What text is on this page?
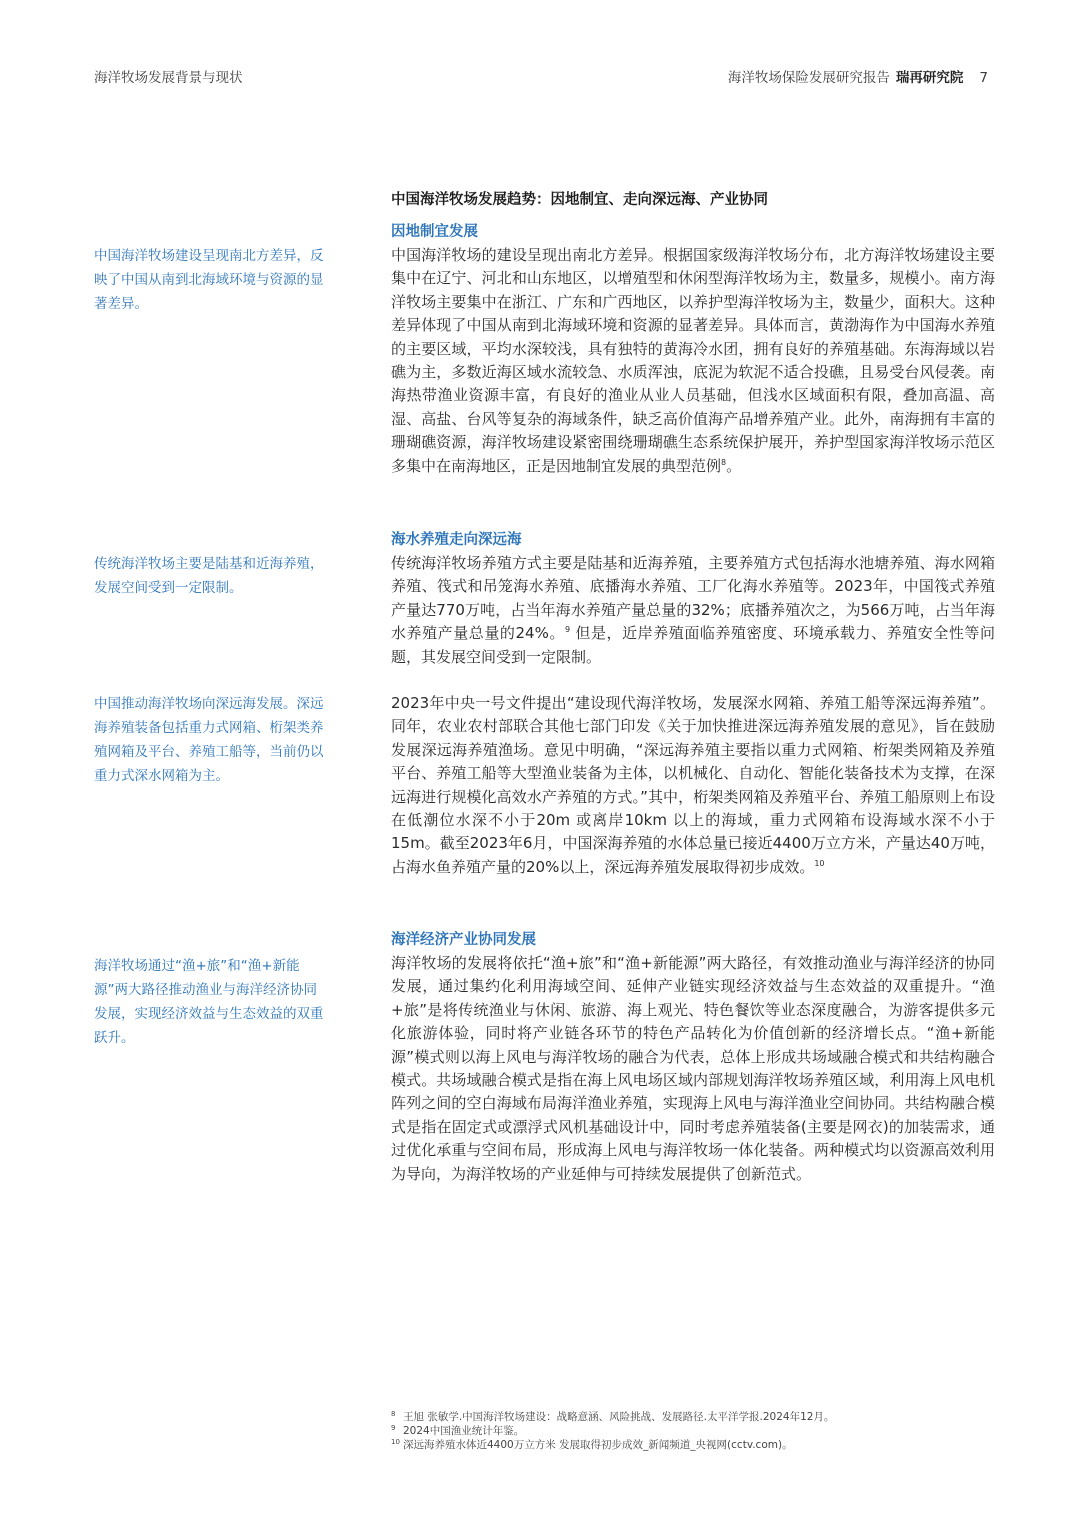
海洋牧场发展背景与现状	海洋牧场保险发展研究报告 瑞再研究院 7
中国海洋牧场发展趋势：因地制宜、走向深远海、产业协同

中国海洋牧场建设呈现南北方差异，反映了中国从南到北海域环境与资源的显著差异。

传统海洋牧场主要是陆基和近海养殖，发展空间受到一定限制。

中国推动海洋牧场向深远海发展。深远海养殖装备包括重力式网箱、桁架类养殖网箱及平台、养殖工船等，当前仍以重力式深水网箱为主。

海洋牧场通过“渔+旅”和“渔+新能源”两大路径推动渔业与海洋经济协同发展，实现经济效益与生态效益的双重跃升。

因地制宜发展

中国海洋牧场的建设呈现出南北方差异。根据国家级海洋牧场分布，北方海洋牧场建设主要集中在辽宁、河北和山东地区，以增殖型和休闲型海洋牧场为主，数量多，规模小。南方海洋牧场主要集中在浙江、广东和广西地区，以养护型海洋牧场为主，数量少，面积大。这种差异体现了中国从南到北海域环境和资源的显著差异。具体而言，黄渤海作为中国海水养殖的主要区域，平均水深较浅，具有独特的黄海冷水团，拥有良好的养殖基础。东海海域以岩礁为主，多数近海区域水流较急、水质浑浊，底泥为软泥不适合投礁，且易受台风侵袭。南海热带渔业资源丰富，有良好的渔业从业人员基础，但浅水区域面积有限，叠加高温、高湿、高盐、台风等复杂的海域条件，缺乏高价值海产品增养殖产业。此外，南海拥有丰富的珊瑚礁资源，海洋牧场建设紧密围绕珊瑚礁生态系统保护展开，养护型国家海洋牧场示范区多集中在南海地区，正是因地制宜发展的典型范例$^8$。

海水养殖走向深远海

传统海洋牧场养殖方式主要是陆基和近海养殖，主要养殖方式包括海水池塘养殖、海水网箱养殖、筏式和吊笼海水养殖、底播海水养殖、工厂化海水养殖等。2023年，中国筏式养殖产量达770万吨，占当年海水养殖产量总量的32%；底播养殖次之，为566万吨，占当年海水养殖产量总量的24%。$^9$ 但是，近岸养殖面临养殖密度、环境承载力、养殖安全性等问题，其发展空间受到一定限制。

2023年中央一号文件提出“建设现代海洋牧场，发展深水网箱、养殖工船等深远海养殖”。同年，农业农村部联合其他七部门印发《关于加快推进深远海养殖发展的意见》，旨在鼓励发展深远海养殖渔场。意见中明确，“深远海养殖主要指以重力式网箱、桁架类网箱及养殖平台、养殖工船等大型渔业装备为主体，以机械化、自动化、智能化装备技术为支撑，在深远海进行规模化高效水产养殖的方式。”其中，桁架类网箱及养殖平台、养殖工船原则上布设在低潮位水深不小于20m 或离岸10km 以上的海域，重力式网箱布设海域水深不小于15m。截至2023年6月，中国深海养殖的水体总量已接近4400万立方米，产量达40万吨，占海水鱼养殖产量的20%以上，深远海养殖发展取得初步成效。$^{10}$

海洋经济产业协同发展

海洋牧场的发展将依托“渔+旅”和“渔+新能源”两大路径，有效推动渔业与海洋经济的协同发展，通过集约化利用海域空间、延伸产业链实现经济效益与生态效益的双重提升。“渔+旅”是将传统渔业与休闲、旅游、海上观光、特色餐饮等业态深度融合，为游客提供多元化旅游体验，同时将产业链各环节的特色产品转化为价值创新的经济增长点。“渔+新能源”模式则以海上风电与海洋牧场的融合为代表，总体上形成共场域融合模式和共结构融合模式。共场域融合模式是指在海上风电场区域内部规划海洋牧场养殖区域，利用海上风电机阵列之间的空白海域布局海洋渔业养殖，实现海上风电与海洋渔业空间协同。共结构融合模式是指在固定式或漂浮式风机基础设计中，同时考虑养殖装备(主要是网衣)的加装需求，通过优化承重与空间布局，形成海上风电与海洋牧场一体化装备。两种模式均以资源高效利用为导向，为海洋牧场的产业延伸与可持续发展提供了创新范式。

8 王旭 张敏学.中国海洋牧场建设：战略意涵、风险挑战、发展路径.太平洋学报.2024年12月。
9 2024中国渔业统计年鉴。
10 深远海养殖水体近4400万立方米 发展取得初步成效_新闻频道_央视网(cctv.com)。
